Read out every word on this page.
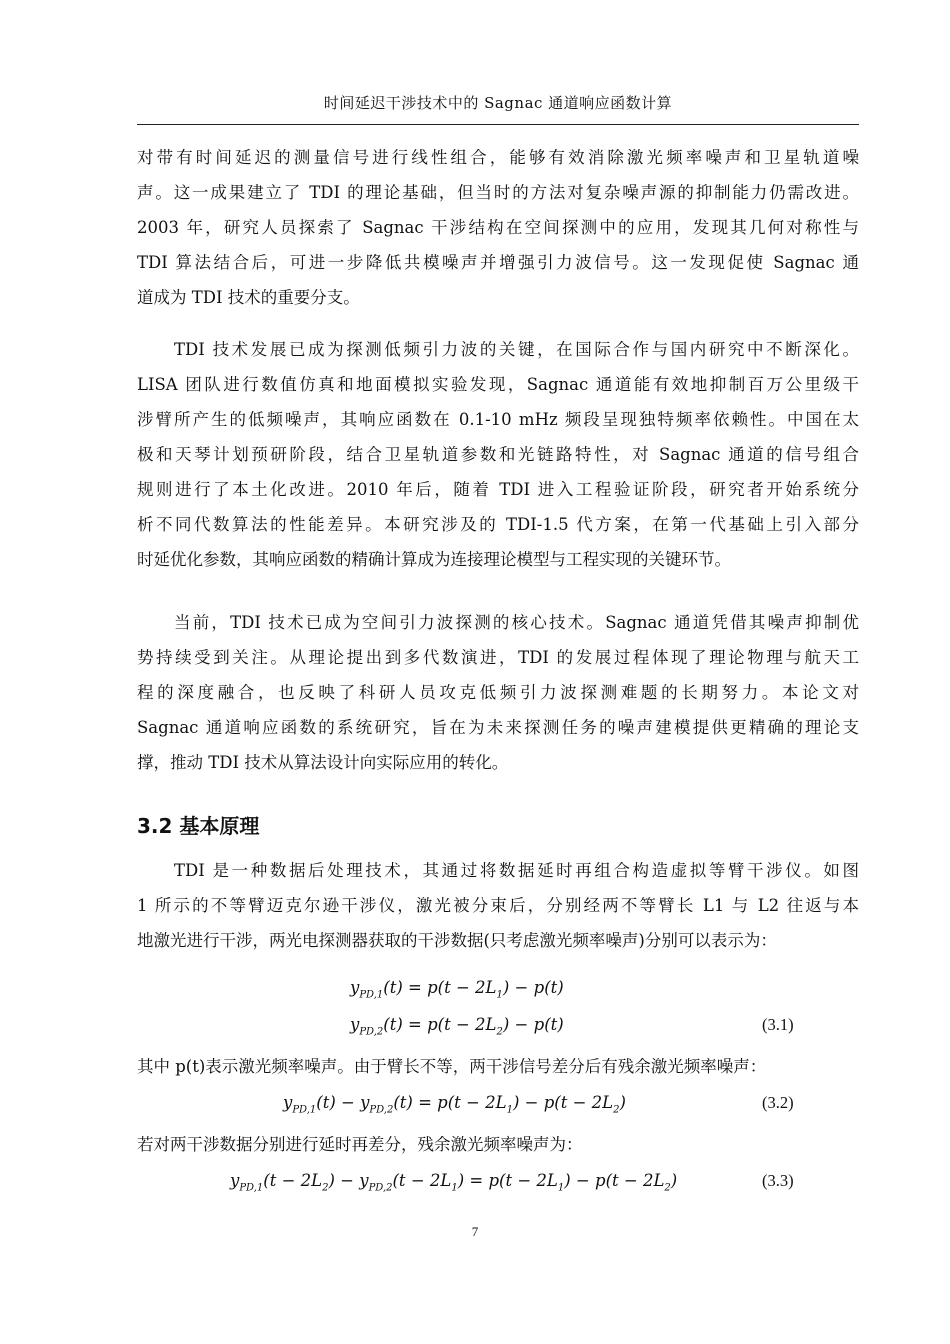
时间延迟干涉技术中的 Sagnac 通道响应函数计算
对带有时间延迟的测量信号进行线性组合，能够有效消除激光频率噪声和卫星轨道噪
声。这一成果建立了 TDI 的理论基础，但当时的方法对复杂噪声源的抑制能力仍需改进。
2003 年，研究人员探索了 Sagnac 干涉结构在空间探测中的应用，发现其几何对称性与
TDI 算法结合后，可进一步降低共模噪声并增强引力波信号。这一发现促使 Sagnac 通
道成为 TDI 技术的重要分支。
TDI 技术发展已成为探测低频引力波的关键，在国际合作与国内研究中不断深化。
LISA 团队进行数值仿真和地面模拟实验发现，Sagnac 通道能有效地抑制百万公里级干
涉臂所产生的低频噪声，其响应函数在 0.1-10 mHz 频段呈现独特频率依赖性。中国在太
极和天琴计划预研阶段，结合卫星轨道参数和光链路特性，对 Sagnac 通道的信号组合
规则进行了本土化改进。2010 年后，随着 TDI 进入工程验证阶段，研究者开始系统分
析不同代数算法的性能差异。本研究涉及的 TDI-1.5 代方案，在第一代基础上引入部分
时延优化参数，其响应函数的精确计算成为连接理论模型与工程实现的关键环节。
当前，TDI 技术已成为空间引力波探测的核心技术。Sagnac 通道凭借其噪声抑制优
势持续受到关注。从理论提出到多代数演进，TDI 的发展过程体现了理论物理与航天工
程的深度融合，也反映了科研人员攻克低频引力波探测难题的长期努力。本论文对
Sagnac 通道响应函数的系统研究，旨在为未来探测任务的噪声建模提供更精确的理论支
撑，推动 TDI 技术从算法设计向实际应用的转化。
3.2 基本原理
TDI 是一种数据后处理技术，其通过将数据延时再组合构造虚拟等臂干涉仪。如图
1 所示的不等臂迈克尔逊干涉仪，激光被分束后，分别经两不等臂长 L1 与 L2 往返与本
地激光进行干涉，两光电探测器获取的干涉数据(只考虑激光频率噪声)分别可以表示为：
$y_{PD,1}(t) = p(t - 2L_1) - p(t)$
$y_{PD,2}(t) = p(t - 2L_2) - p(t)$	(3.1)
其中 p(t)表示激光频率噪声。由于臂长不等，两干涉信号差分后有残余激光频率噪声：
$y_{PD,1}(t) - y_{PD,2}(t) = p(t - 2L_1) - p(t - 2L_2)$	(3.2)
若对两干涉数据分别进行延时再差分，残余激光频率噪声为：
$y_{PD,1}(t - 2L_2) - y_{PD,2}(t - 2L_1) = p(t - 2L_1) - p(t - 2L_2)$	(3.3)
7
